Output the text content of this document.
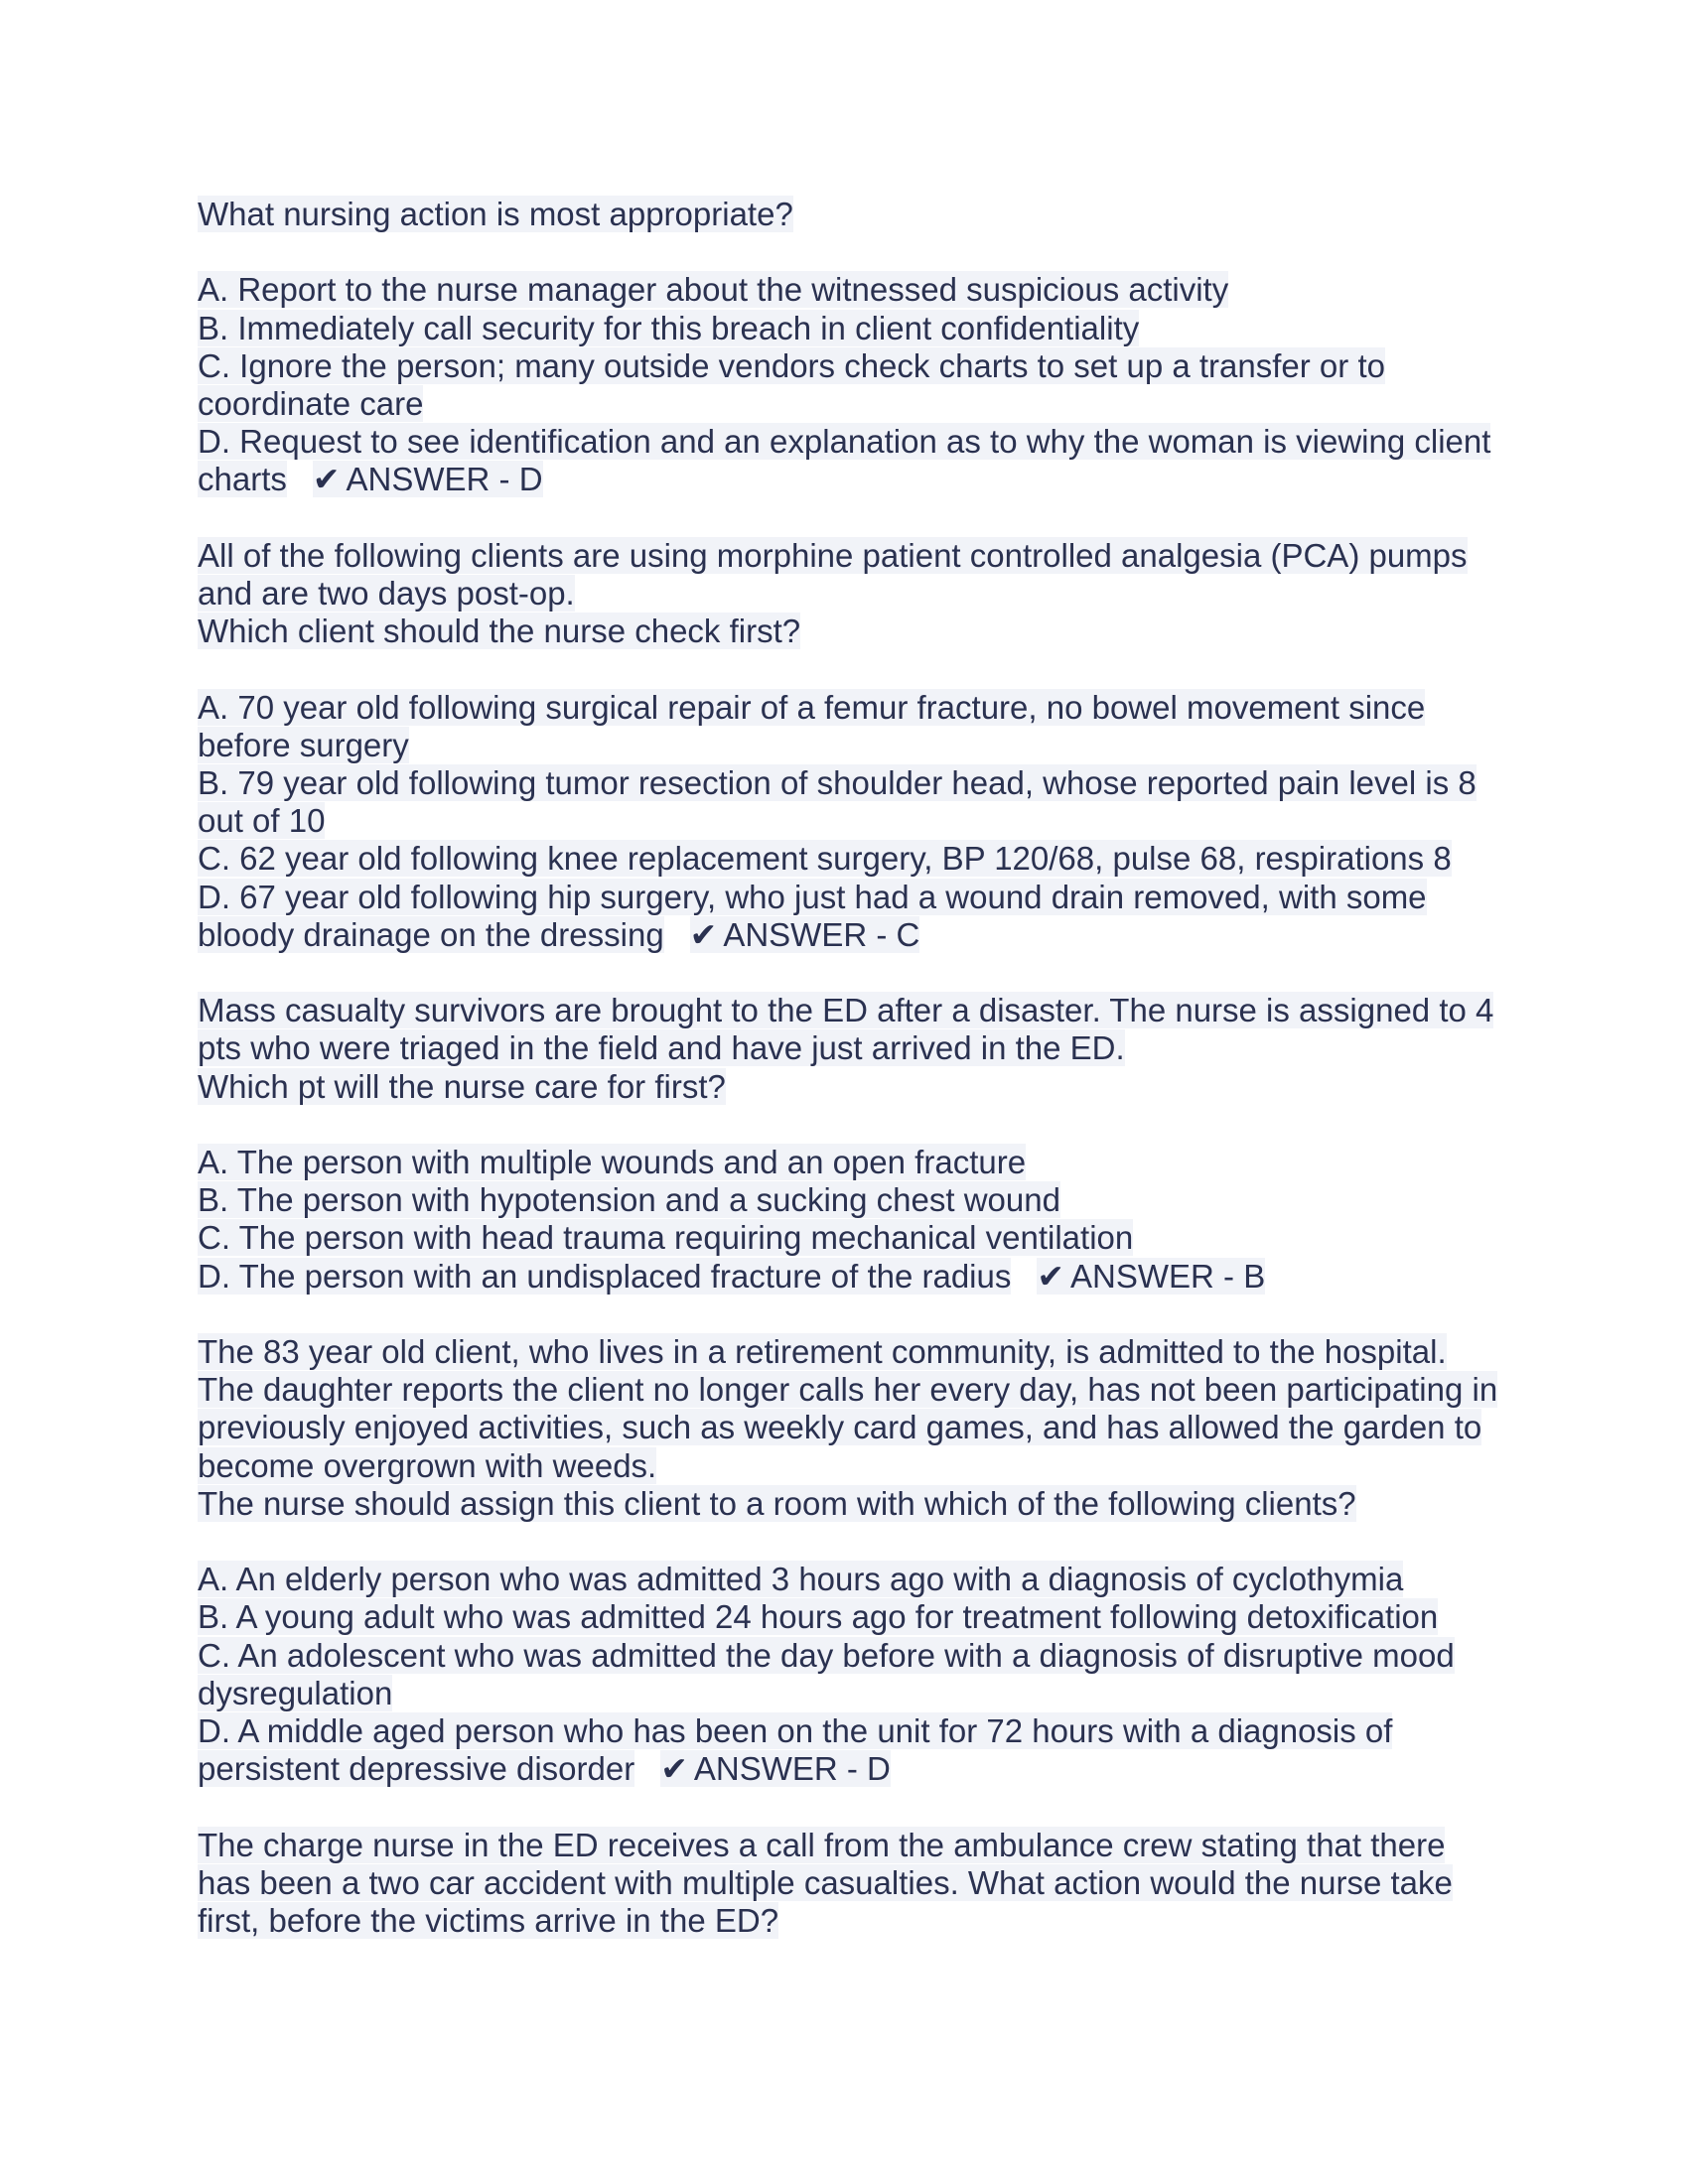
What nursing action is most appropriate?
A. Report to the nurse manager about the witnessed suspicious activity
B. Immediately call security for this breach in client confidentiality
C. Ignore the person; many outside vendors check charts to set up a transfer or to coordinate care
D. Request to see identification and an explanation as to why the woman is viewing client charts ✔ ANSWER - D
All of the following clients are using morphine patient controlled analgesia (PCA) pumps and are two days post-op.
Which client should the nurse check first?
A. 70 year old following surgical repair of a femur fracture, no bowel movement since before surgery
B. 79 year old following tumor resection of shoulder head, whose reported pain level is 8 out of 10
C. 62 year old following knee replacement surgery, BP 120/68, pulse 68, respirations 8
D. 67 year old following hip surgery, who just had a wound drain removed, with some bloody drainage on the dressing ✔ ANSWER - C
Mass casualty survivors are brought to the ED after a disaster. The nurse is assigned to 4 pts who were triaged in the field and have just arrived in the ED.
Which pt will the nurse care for first?
A. The person with multiple wounds and an open fracture
B. The person with hypotension and a sucking chest wound
C. The person with head trauma requiring mechanical ventilation
D. The person with an undisplaced fracture of the radius ✔ ANSWER - B
The 83 year old client, who lives in a retirement community, is admitted to the hospital. The daughter reports the client no longer calls her every day, has not been participating in previously enjoyed activities, such as weekly card games, and has allowed the garden to become overgrown with weeds.
The nurse should assign this client to a room with which of the following clients?
A. An elderly person who was admitted 3 hours ago with a diagnosis of cyclothymia
B. A young adult who was admitted 24 hours ago for treatment following detoxification
C. An adolescent who was admitted the day before with a diagnosis of disruptive mood dysregulation
D. A middle aged person who has been on the unit for 72 hours with a diagnosis of persistent depressive disorder ✔ ANSWER - D
The charge nurse in the ED receives a call from the ambulance crew stating that there has been a two car accident with multiple casualties. What action would the nurse take first, before the victims arrive in the ED?
